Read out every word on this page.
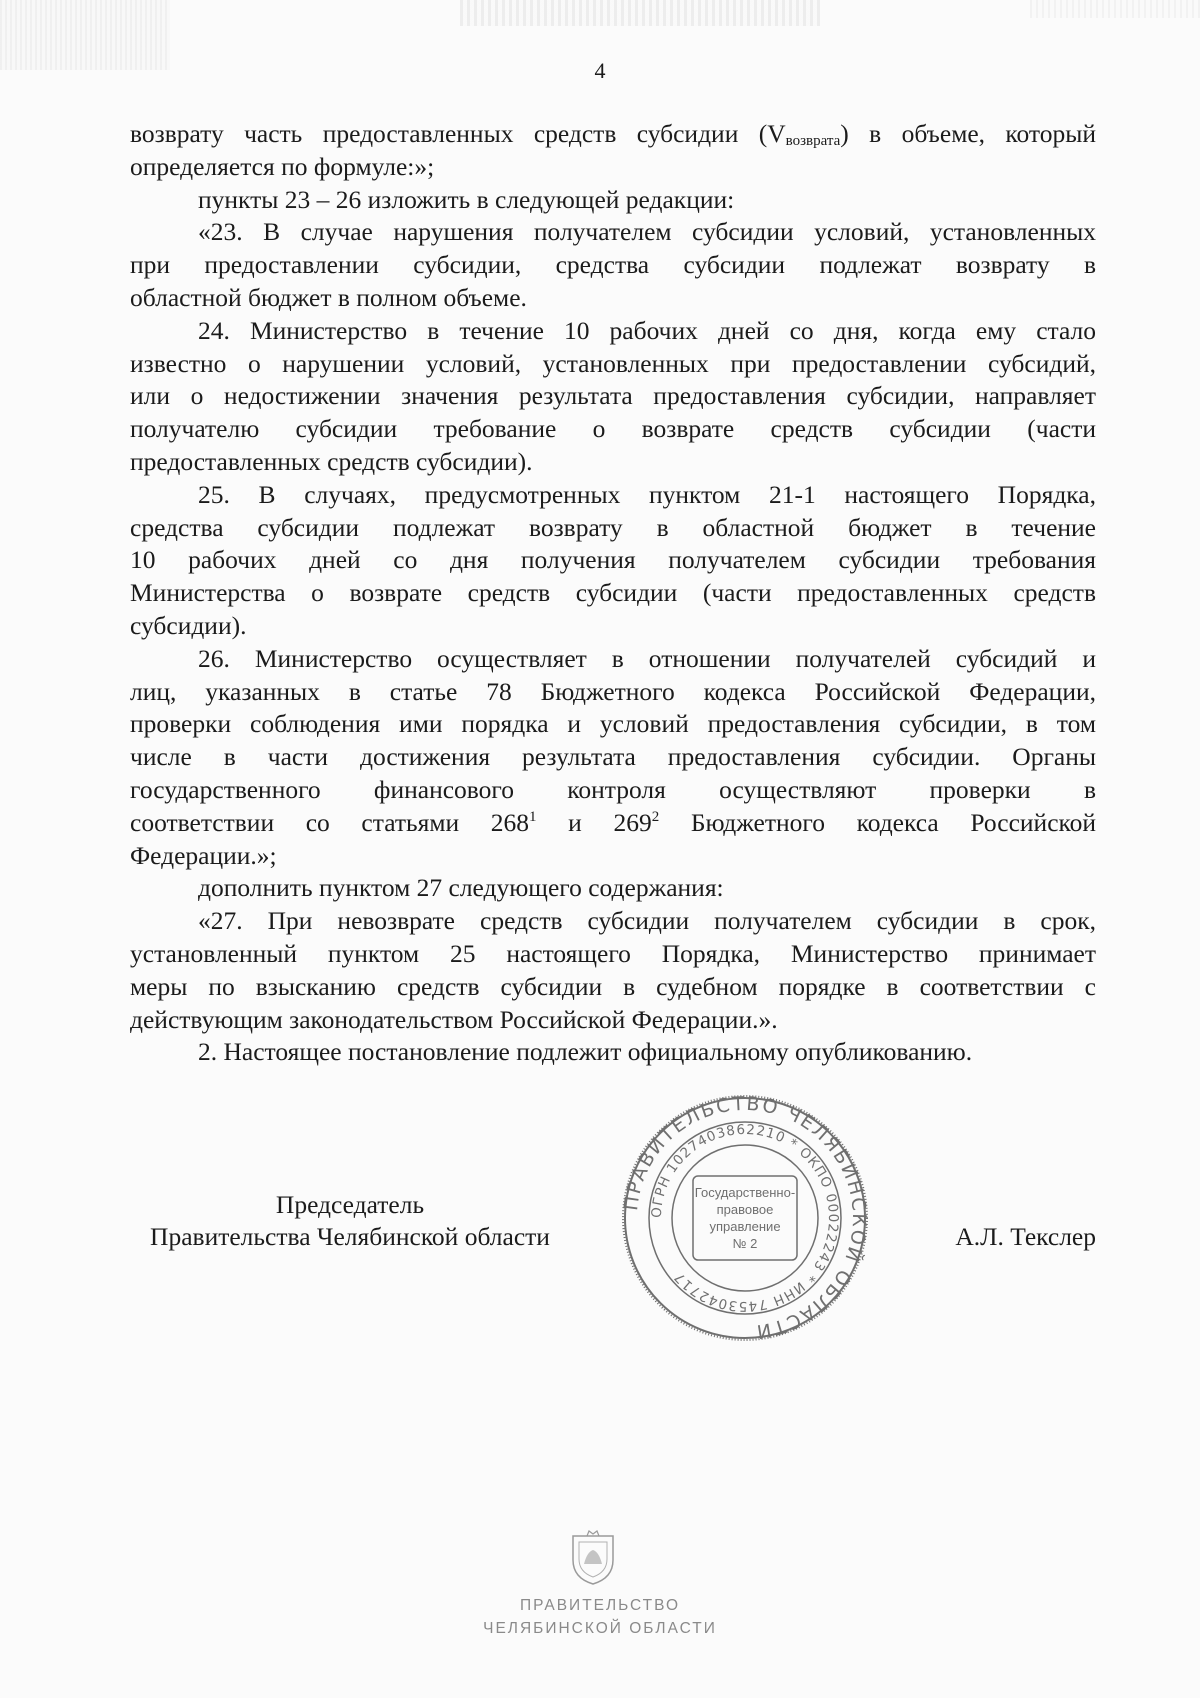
4

возврату часть предоставленных средств субсидии $(V_{возврата})$ в объеме, который

определяется по формуле:»;

пункты 23 – 26 изложить в следующей редакции:

«23. В случае нарушения получателем субсидии условий, установленных

при предоставлении субсидии, средства субсидии подлежат возврату в

областной бюджет в полном объеме.

24. Министерство в течение 10 рабочих дней со дня, когда ему стало

известно о нарушении условий, установленных при предоставлении субсидий,

или о недостижении значения результата предоставления субсидии, направляет

получателю субсидии требование о возврате средств субсидии (части

предоставленных средств субсидии).

25. В случаях, предусмотренных пунктом 21-1 настоящего Порядка,

средства субсидии подлежат возврату в областной бюджет в течение

10 рабочих дней со дня получения получателем субсидии требования

Министерства о возврате средств субсидии (части предоставленных средств

субсидии).

26. Министерство осуществляет в отношении получателей субсидий и

лиц, указанных в статье 78 Бюджетного кодекса Российской Федерации,

проверки соблюдения ими порядка и условий предоставления субсидии, в том

числе в части достижения результата предоставления субсидии. Органы

государственного финансового контроля осуществляют проверки в

соответствии со статьями $268^1$ и $269^2$ Бюджетного кодекса Российской

Федерации.»;

дополнить пунктом 27 следующего содержания:

«27. При невозврате средств субсидии получателем субсидии в срок,

установленный пунктом 25 настоящего Порядка, Министерство принимает

меры по взысканию средств субсидии в судебном порядке в соответствии с

действующим законодательством Российской Федерации.».

2. Настоящее постановление подлежит официальному опубликованию.

Председатель
Правительства Челябинской области	А.Л. Текслер
ПРАВИТЕЛЬСТВО ЧЕЛЯБИНСКОЙ ОБЛАСТИ
ОГРН 1027403862210 * ОКПО 00022243 * ИНН 7453042717
Государственно-
правовое
управление
№ 2
ПРАВИТЕЛЬСТВО
ЧЕЛЯБИНСКОЙ ОБЛАСТИ
